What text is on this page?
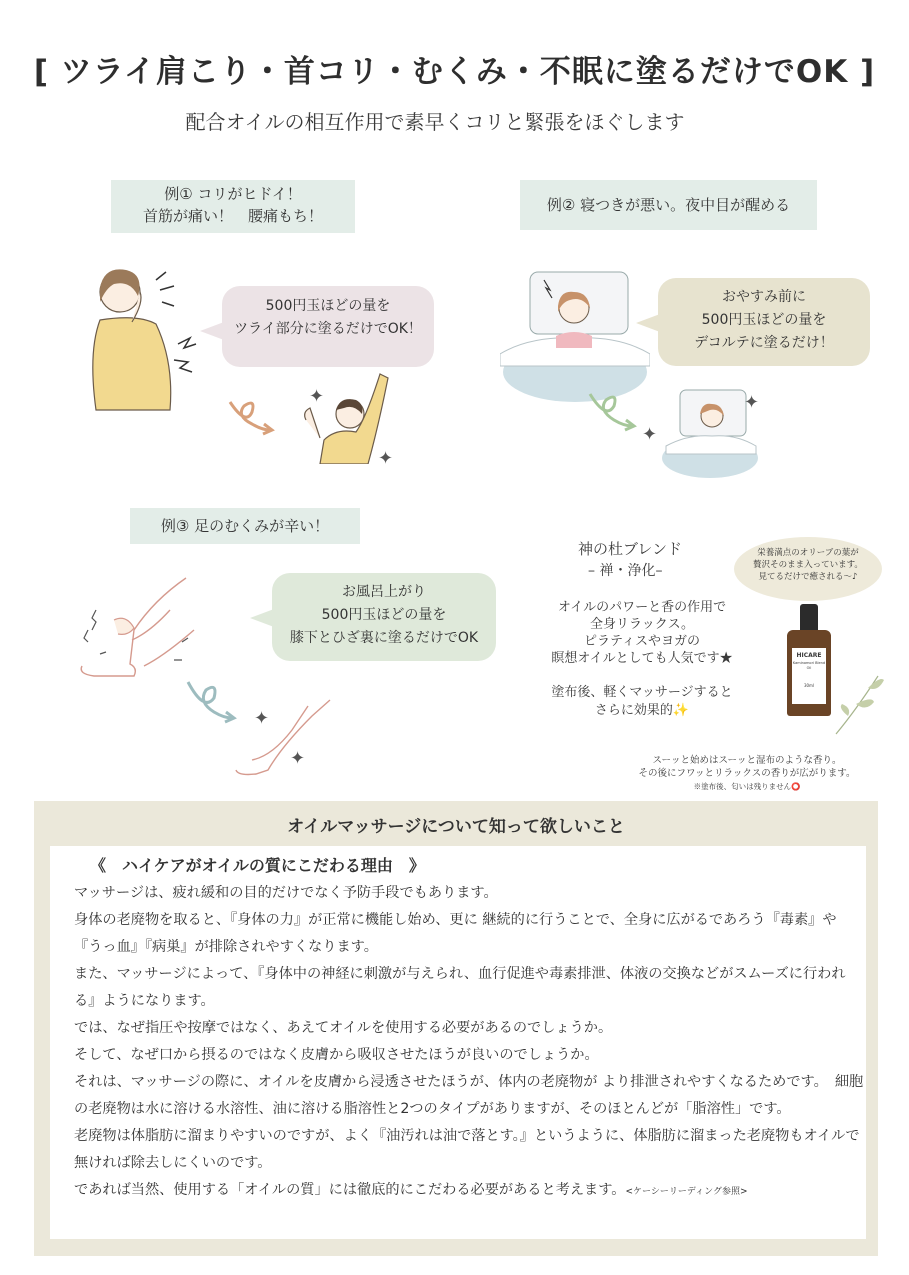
[ ツライ肩こり・首コリ・むくみ・不眠に塗るだけでOK ]
配合オイルの相互作用で素早くコリと緊張をほぐします
例① コリがヒドイ！
首筋が痛い！　腰痛もち！
500円玉ほどの量を
ツライ部分に塗るだけでOK！
✦
✦
例② 寝つきが悪い。夜中目が醒める
おやすみ前に
500円玉ほどの量を
デコルテに塗るだけ！
✦
✦
例③ 足のむくみが辛い！
お風呂上がり
500円玉ほどの量を
膝下とひざ裏に塗るだけでOK
✦
✦
神の杜ブレンド
– 禅・浄化–
オイルのパワーと香の作用で
全身リラックス。
ピラティスやヨガの
瞑想オイルとしても人気です★
塗布後、軽くマッサージすると
さらに効果的✨
栄養満点のオリーブの葉が
贅沢そのまま入っています。
見てるだけで癒される〜♪
HICARE
Kaminomori Blend Oil
30ml
スーッと始めはスーッと湿布のような香り。
その後にフワッとリラックスの香りが広がります。
※塗布後、匂いは残りません⭕
オイルマッサージについて知って欲しいこと
《　ハイケアがオイルの質にこだわる理由　》

マッサージは、疲れ緩和の目的だけでなく予防手段でもあります。

身体の老廃物を取ると、『身体の力』が正常に機能し始め、更に 継続的に行うことで、全身に広がるであろう『毒素』や『うっ血』『病巣』が排除されやすくなります。

また、マッサージによって、『身体中の神経に刺激が与えられ、血行促進や毒素排泄、体液の交換などがスムーズに行われる』ようになります。

では、なぜ指圧や按摩ではなく、あえてオイルを使用する必要があるのでしょうか。

そして、なぜ口から摂るのではなく皮膚から吸収させたほうが良いのでしょうか。

それは、マッサージの際に、オイルを皮膚から浸透させたほうが、体内の老廃物が より排泄されやすくなるためです。　細胞の老廃物は水に溶ける水溶性、油に溶ける脂溶性と2つのタイプがありますが、そのほとんどが「脂溶性」です。

老廃物は体脂肪に溜まりやすいのですが、よく『油汚れは油で落とす。』というように、体脂肪に溜まった老廃物もオイルで無ければ除去しにくいのです。

であれば当然、使用する「オイルの質」には徹底的にこだわる必要があると考えます。<ケーシーリーディング参照>
